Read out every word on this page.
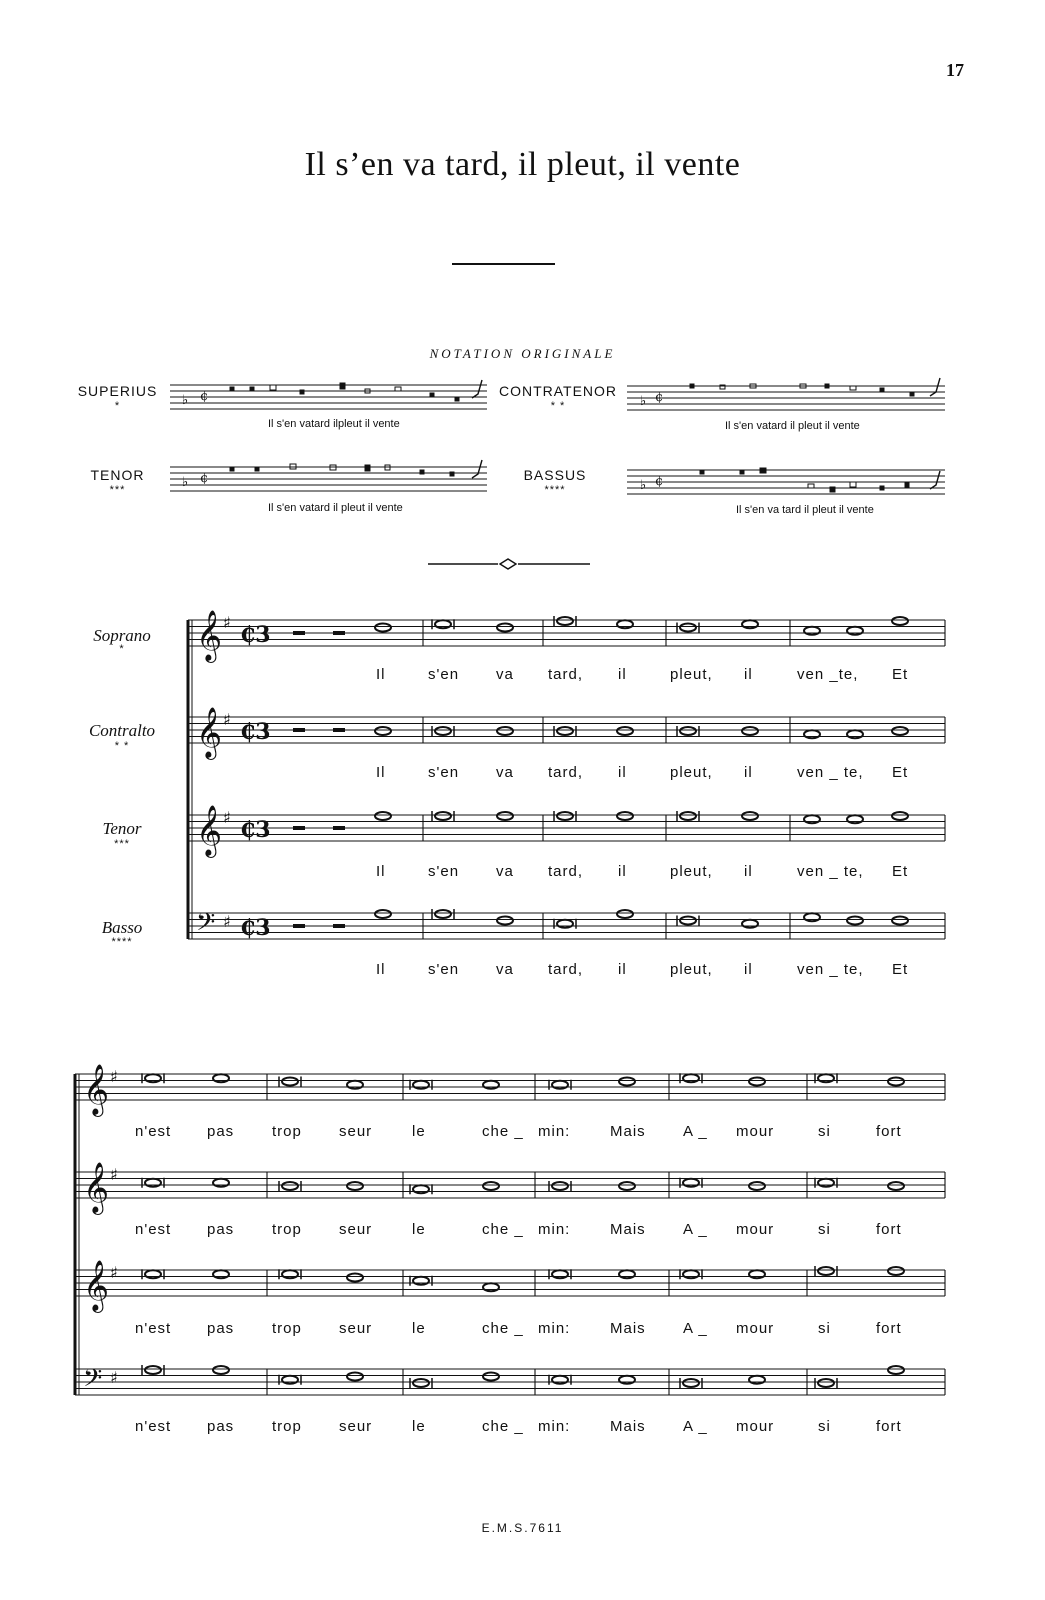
17
Il s’en va tard, il pleut, il vente
NOTATION ORIGINALE
SUPERIUS
*
CONTRATENOR
* *
TENOR
***
BASSUS
****
Il s'en vatard ilpleut il vente	Il s'en vatard il pleut il vente
Il s'en vatard il pleut il vente	Il s'en va tard il pleut il vente
♭ ¢	♭ ¢
♭ ¢	♭ ¢
Soprano
*
Contralto
* *
Tenor
***
Basso
****
𝄞 ♯
𝄞 ♯
𝄞 ♯
𝄢 ♯
𝄞 ♯
𝄞 ♯
𝄞 ♯
𝄢 ♯
₵3
₵3
₵3
₵3
Il	s'en va tard, il	pleut, il	ven _te, Et
Il	s'en va tard, il	pleut, il	ven _ te, Et
Il	s'en va tard, il	pleut, il	ven _ te, Et
Il	s'en va tard, il	pleut, il	ven _ te, Et
n'est pas	trop seur	le	che _ min:	Mais A _ mour	si	fort
n'est pas	trop seur	le	che _ min:	Mais A _ mour	si	fort
n'est pas	trop seur	le	che _ min:	Mais A _ mour	si	fort
n'est pas	trop seur	le	che _ min:	Mais A _ mour	si	fort
E.M.S.7611
